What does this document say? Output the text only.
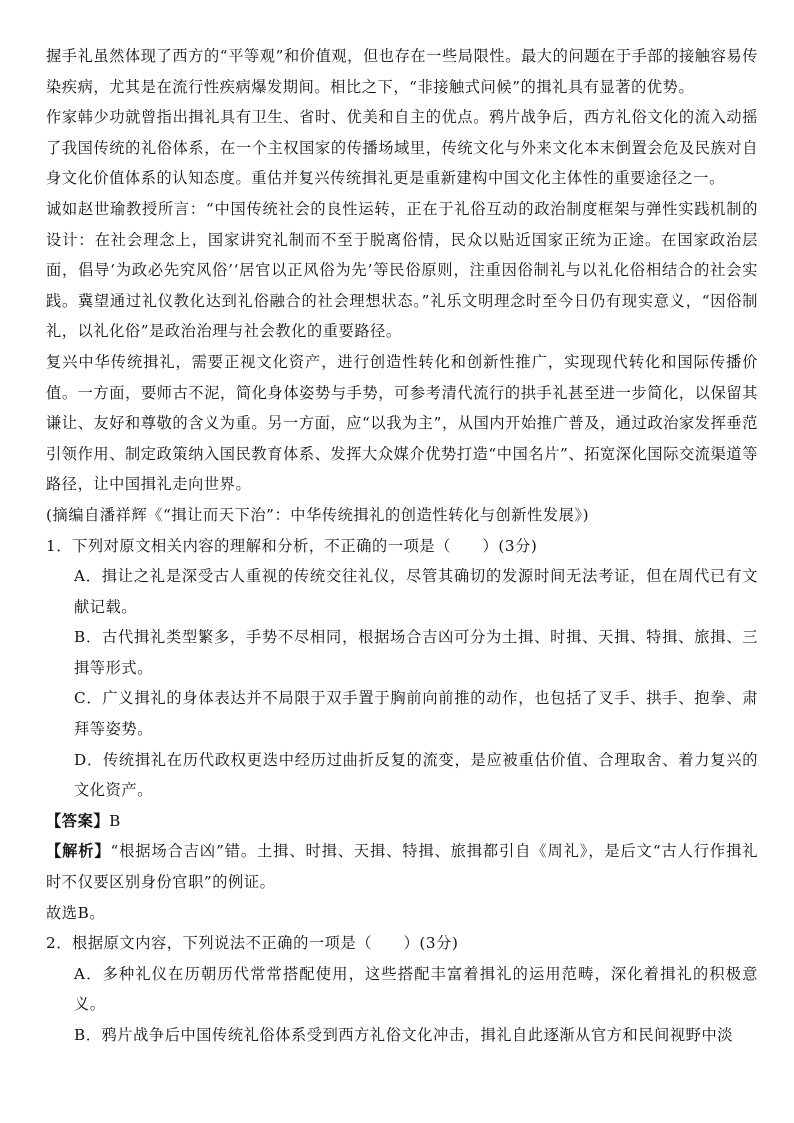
握手礼虽然体现了西方的“平等观”和价值观，但也存在一些局限性。最大的问题在于手部的接触容易传染疾病，尤其是在流行性疾病爆发期间。相比之下，“非接触式问候”的揖礼具有显著的优势。

作家韩少功就曾指出揖礼具有卫生、省时、优美和自主的优点。鸦片战争后，西方礼俗文化的流入动摇了我国传统的礼俗体系，在一个主权国家的传播场域里，传统文化与外来文化本末倒置会危及民族对自身文化价值体系的认知态度。重估并复兴传统揖礼更是重新建构中国文化主体性的重要途径之一。

诚如赵世瑜教授所言：“中国传统社会的良性运转，正在于礼俗互动的政治制度框架与弹性实践机制的设计：在社会理念上，国家讲究礼制而不至于脱离俗情，民众以贴近国家正统为正途。在国家政治层面，倡导‘为政必先究风俗’‘居官以正风俗为先’等民俗原则，注重因俗制礼与以礼化俗相结合的社会实践。冀望通过礼仪教化达到礼俗融合的社会理想状态。”礼乐文明理念时至今日仍有现实意义，“因俗制礼，以礼化俗”是政治治理与社会教化的重要路径。

复兴中华传统揖礼，需要正视文化资产，进行创造性转化和创新性推广，实现现代转化和国际传播价值。一方面，要师古不泥，简化身体姿势与手势，可参考清代流行的拱手礼甚至进一步简化，以保留其谦让、友好和尊敬的含义为重。另一方面，应“以我为主”，从国内开始推广普及，通过政治家发挥垂范引领作用、制定政策纳入国民教育体系、发挥大众媒介优势打造“中国名片”、拓宽深化国际交流渠道等路径，让中国揖礼走向世界。

(摘编自潘祥辉《“揖让而天下治”：中华传统揖礼的创造性转化与创新性发展》)

1．下列对原文相关内容的理解和分析，不正确的一项是（　　）(3分)

A．揖让之礼是深受古人重视的传统交往礼仪，尽管其确切的发源时间无法考证，但在周代已有文献记载。

B．古代揖礼类型繁多，手势不尽相同，根据场合吉凶可分为土揖、时揖、天揖、特揖、旅揖、三揖等形式。

C．广义揖礼的身体表达并不局限于双手置于胸前向前推的动作，也包括了叉手、拱手、抱拳、肃拜等姿势。

D．传统揖礼在历代政权更迭中经历过曲折反复的流变，是应被重估价值、合理取舍、着力复兴的文化资产。

【答案】B

【解析】“根据场合吉凶”错。土揖、时揖、天揖、特揖、旅揖都引自《周礼》，是后文“古人行作揖礼时不仅要区别身份官职”的例证。

故选B。

2．根据原文内容，下列说法不正确的一项是（　　）(3分)

A．多种礼仪在历朝历代常常搭配使用，这些搭配丰富着揖礼的运用范畴，深化着揖礼的积极意义。

B．鸦片战争后中国传统礼俗体系受到西方礼俗文化冲击，揖礼自此逐渐从官方和民间视野中淡
